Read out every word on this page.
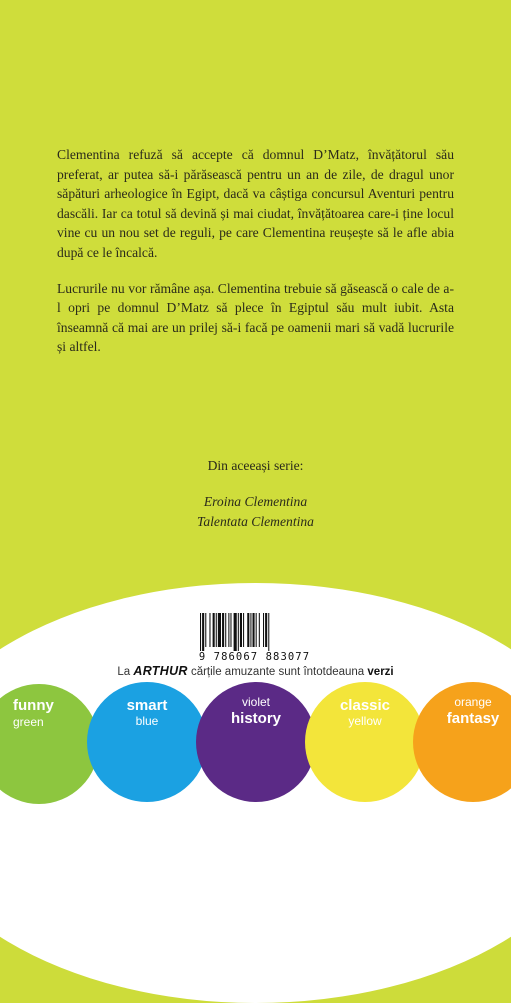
Clementina refuză să accepte că domnul D’Matz, învățătorul său preferat, ar putea să-i părăsească pentru un an de zile, de dragul unor săpături arheologice în Egipt, dacă va câștiga concursul Aventuri pentru dascăli. Iar ca totul să devină și mai ciudat, învățătoarea care-i ține locul vine cu un nou set de reguli, pe care Clementina reușește să le afle abia după ce le încalcă.

Lucrurile nu vor rămâne așa. Clementina trebuie să găsească o cale de a-l opri pe domnul D’Matz să plece în Egiptul său mult iubit. Asta înseamnă că mai are un prilej să-i facă pe oamenii mari să vadă lucrurile și altfel.

Din aceeași serie:
Eroina Clementina
Talentata Clementina
9 786067 883077
La ARTHUR cărțile amuzante sunt întotdeauna verzi
funny
green
smart
blue
violet
history
classic
yellow
orange
fantasy
